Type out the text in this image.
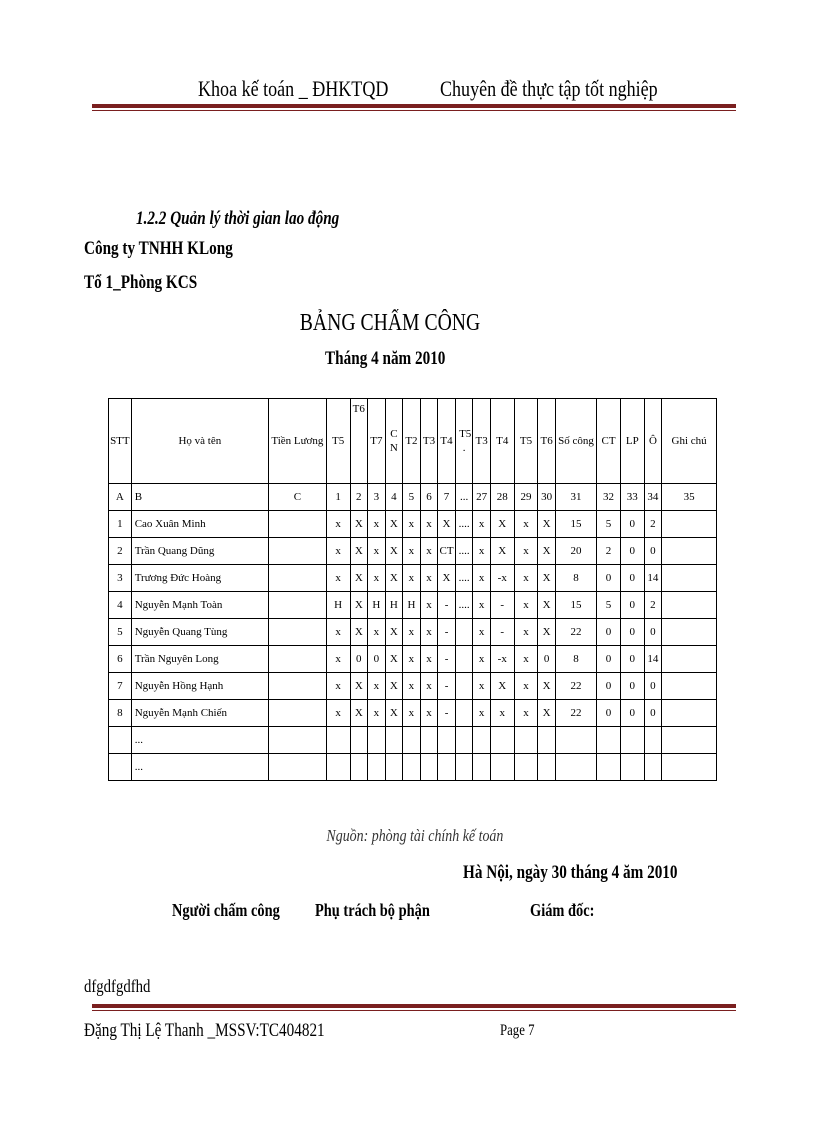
Khoa kế toán _ ĐHKTQD	Chuyên đề thực tập tốt nghiệp
1.2.2 Quản lý thời gian lao động
Công ty TNHH KLong
Tổ 1_Phòng KCS
BẢNG CHẤM CÔNG
Tháng 4 năm 2010
STT	Họ và tên	Tiền Lương	T5	T6	T7	C N	T2	T3	T4	T5 .	T3	T4	T5	T6	Số công	CT	LP	Ô	Ghi chú
A	B	C	1	2	3	4	5	6	7	...	27	28	29	30	31	32	33	34	35
1	Cao Xuân Minh		x	X	x	X	x	x	X	....	x	X	x	X	15	5	0	2	
2	Trần Quang Dũng		x	X	x	X	x	x	CT	....	x	X	x	X	20	2	0	0	
3	Trương Đức Hoàng		x	X	x	X	x	x	X	....	x	-x	x	X	8	0	0	14	
4	Nguyễn Mạnh Toàn		H	X	H	H	H	x	-	....	x	-	x	X	15	5	0	2	
5	Nguyễn Quang Tùng		x	X	x	X	x	x	-		x	-	x	X	22	0	0	0	
6	Trần Nguyên Long		x	0	0	X	x	x	-		x	-x	x	0	8	0	0	14	
7	Nguyễn Hồng Hạnh		x	X	x	X	x	x	-		x	X	x	X	22	0	0	0	
8	Nguyễn Mạnh Chiến		x	X	x	X	x	x	-		x	x	x	X	22	0	0	0	
	...																		
	...																		
Nguồn: phòng tài chính kế toán
Hà Nội, ngày 30 tháng 4 ăm 2010
Người chấm công	Phụ trách bộ phận	Giám đốc:
dfgdfgdfhd
Đặng Thị Lệ Thanh _MSSV:TC404821	Page 7
